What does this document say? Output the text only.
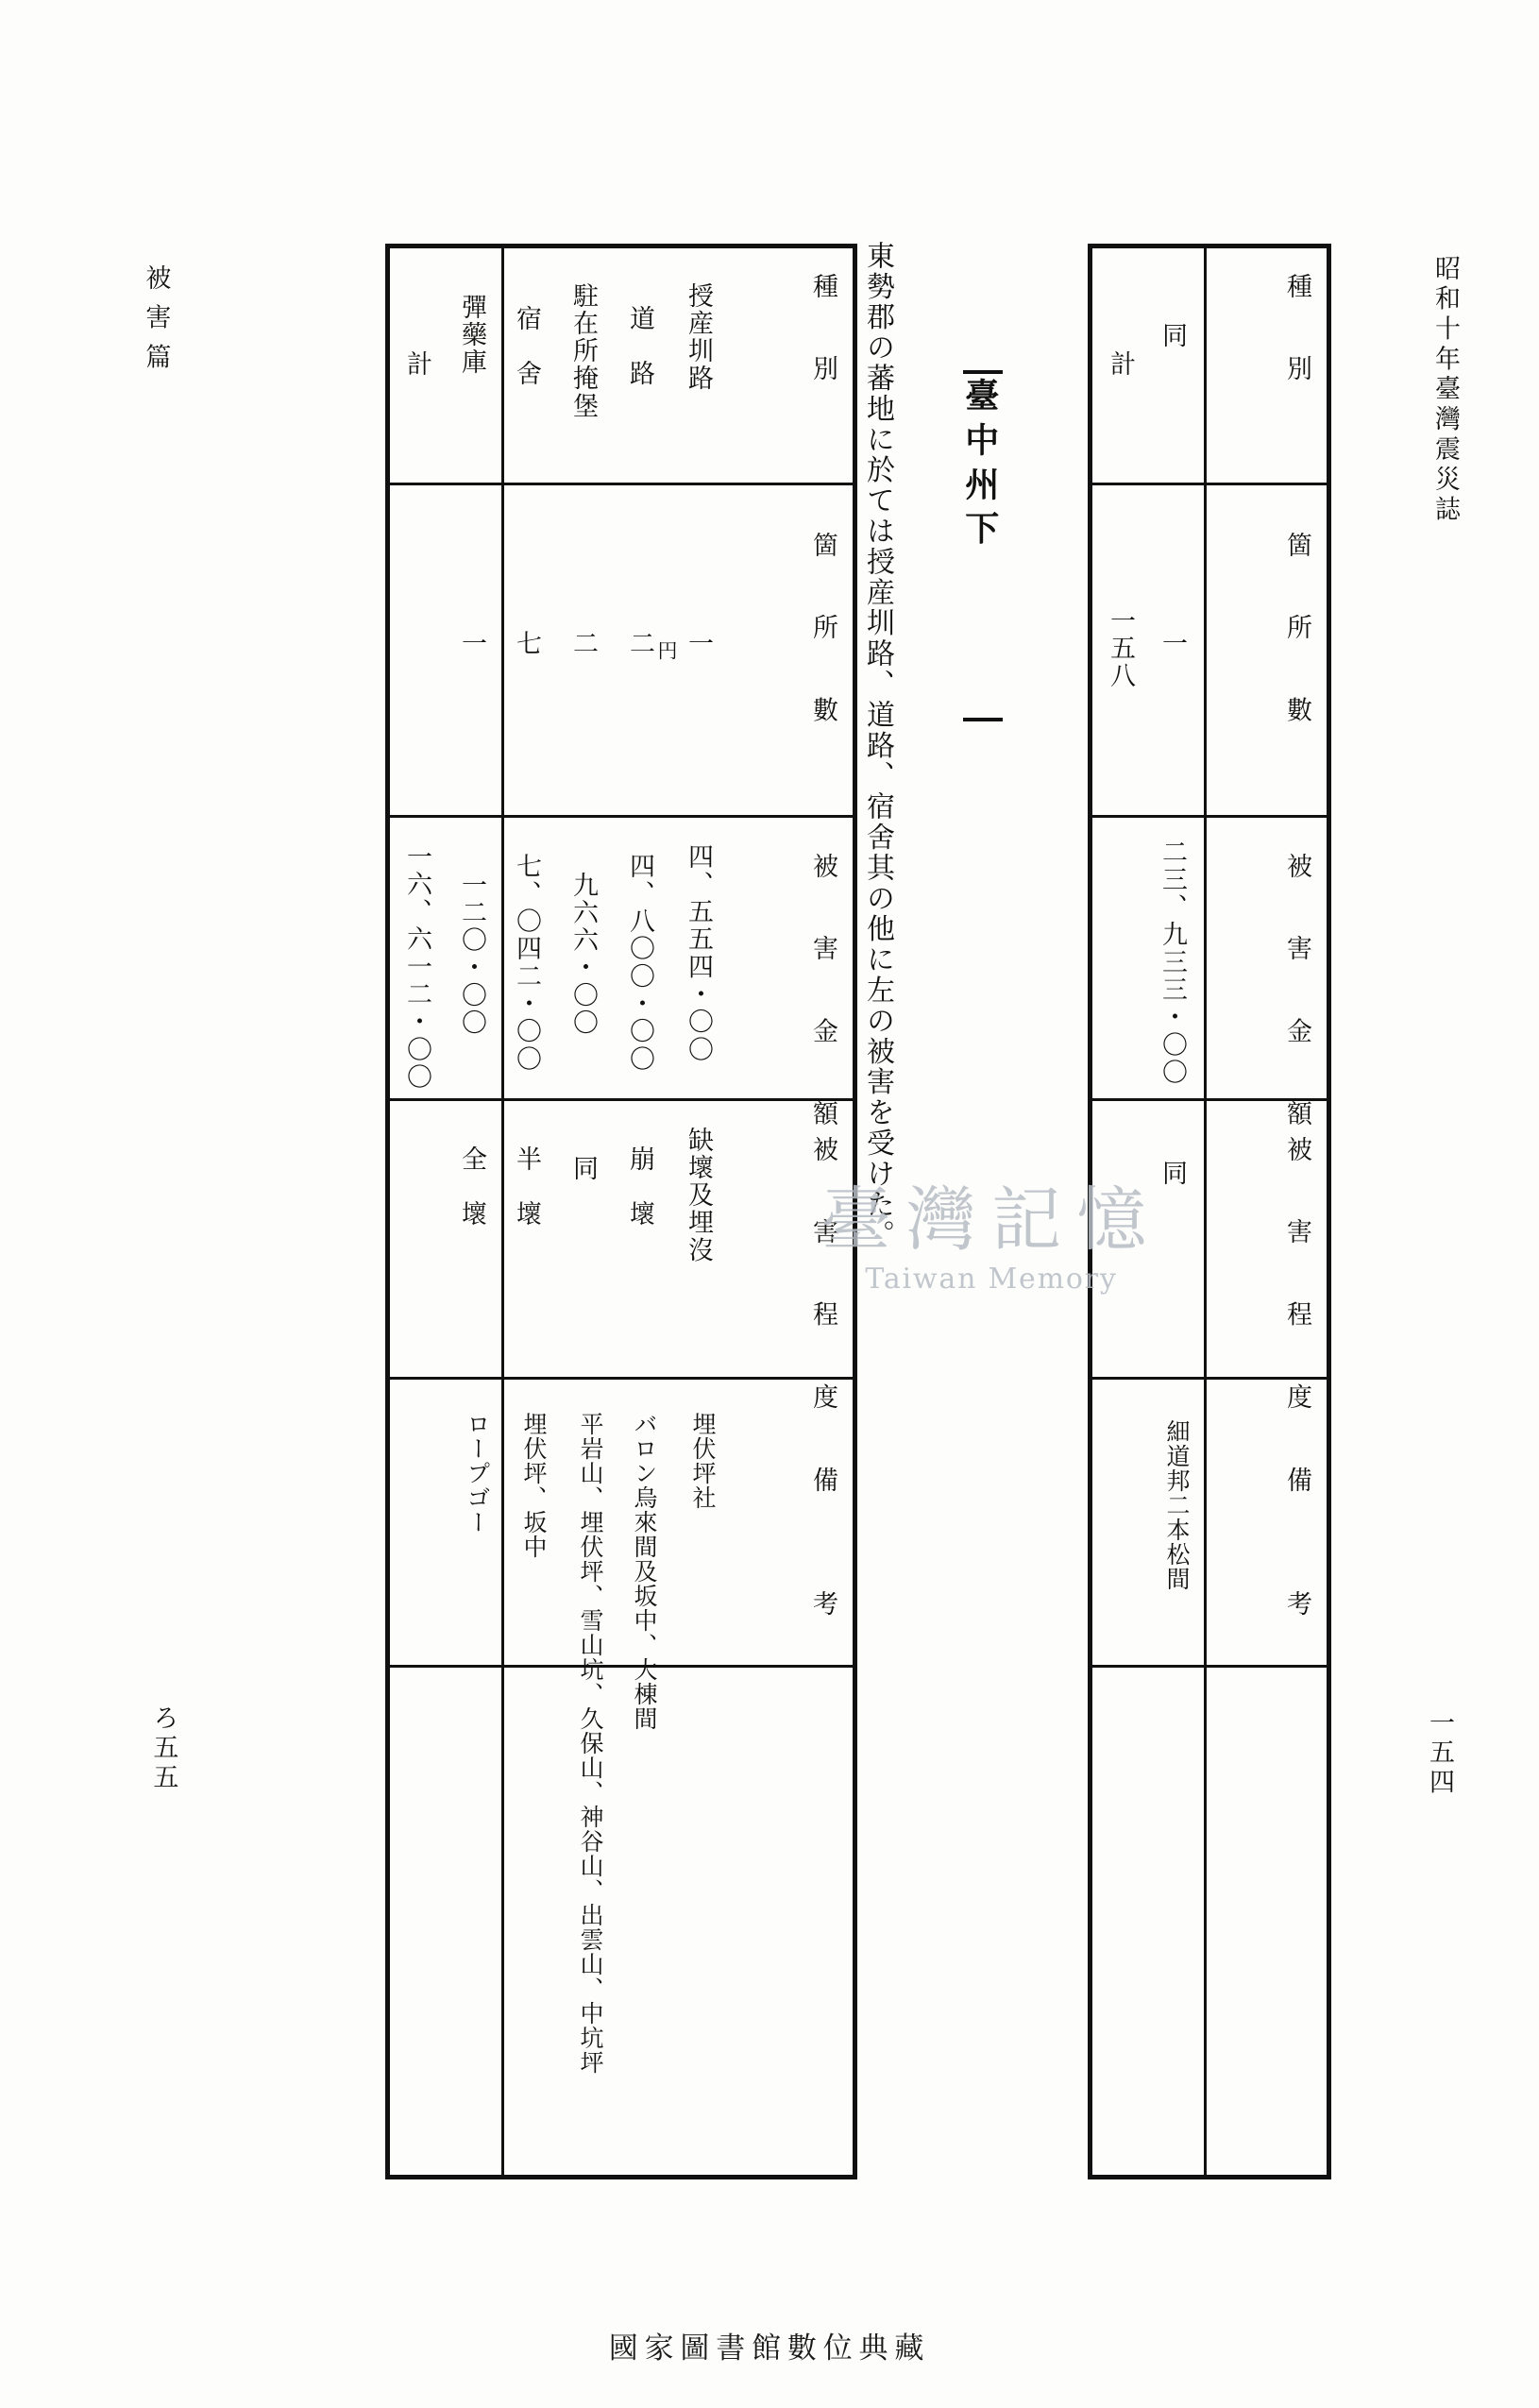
昭和十年臺灣震災誌
被害篇
一五四
ろ五五
臺中州下
東勢郡の蕃地に於ては授産圳路、道路、宿舍其の他に左の被害を受けた。	種　別
箇　所　數
被　害　金　額
被　害　程　度
備　　考
同
一
二三、九三三・〇〇
同
細道邦二本松間
計
一五八
種　別
箇　所　數
被　害　金　額
被　害　程　度
備　　考
円
授産圳路
一
四、五五四・〇〇
缺壞及埋沒
埋伏坪社
道　路
二
四、八〇〇・〇〇
崩　壞
バロン烏來間及坂中、大棟間
駐在所掩堡
二
九六六・〇〇
同
平岩山、埋伏坪、雪山坑、久保山、神谷山、出雲山、中坑坪
宿　舍
七
七、〇四二・〇〇
半　壞
埋伏坪、坂中
彈藥庫
一
一二〇・〇〇
全　壞
ロープゴー
計
一六、六一二・〇〇
臺灣記憶
Taiwan Memory
國家圖書館數位典藏
